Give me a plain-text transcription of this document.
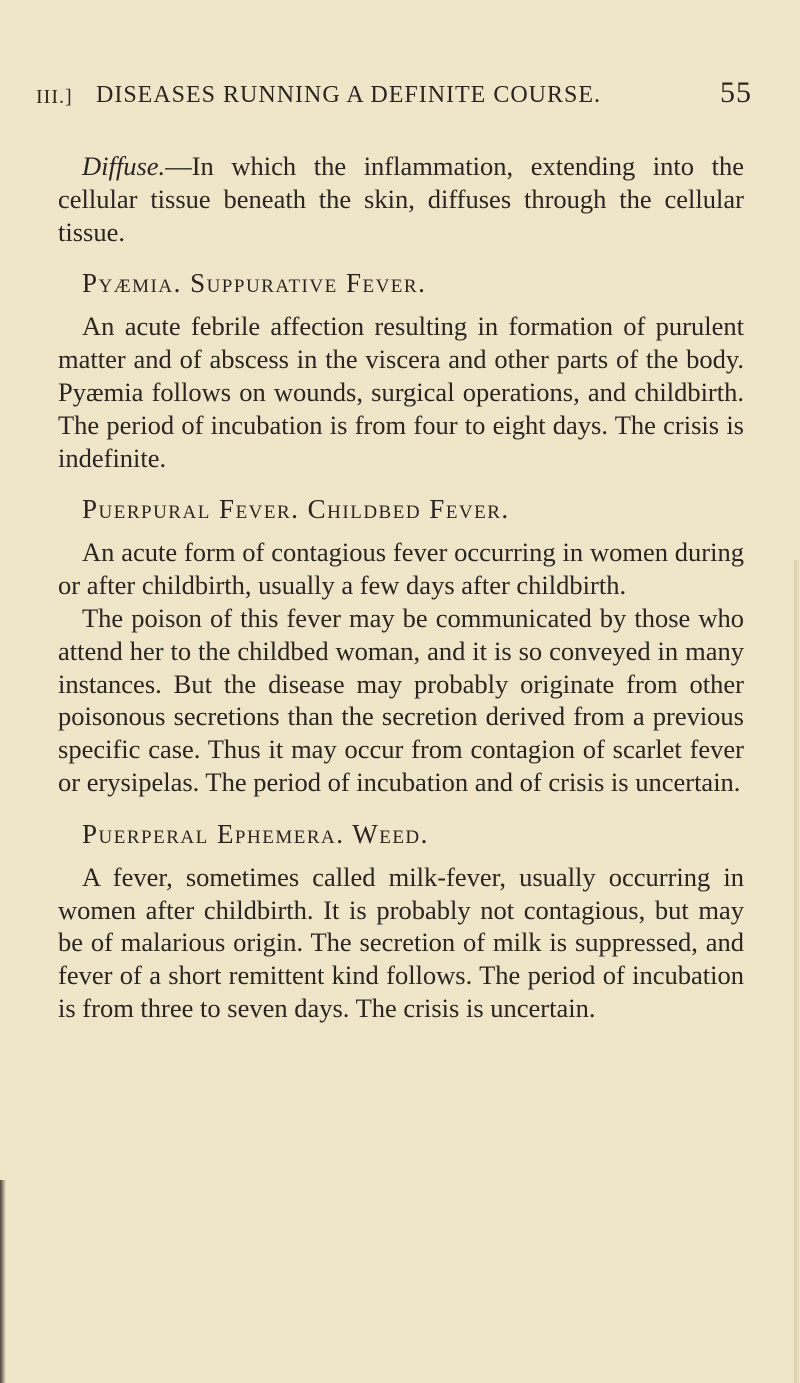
III.] DISEASES RUNNING A DEFINITE COURSE.	55

Diffuse.—In which the inflammation, extending into the cellular tissue beneath the skin, diffuses through the cellular tissue.

Pyæmia. Suppurative Fever.

An acute febrile affection resulting in formation of purulent matter and of abscess in the viscera and other parts of the body. Pyæmia follows on wounds, surgical operations, and childbirth. The period of incubation is from four to eight days. The crisis is indefinite.

Puerpural Fever. Childbed Fever.

An acute form of contagious fever occurring in women during or after childbirth, usually a few days after childbirth.

The poison of this fever may be communicated by those who attend her to the childbed woman, and it is so conveyed in many instances. But the disease may probably originate from other poisonous secretions than the secretion derived from a previous specific case. Thus it may occur from contagion of scarlet fever or erysipelas. The period of incubation and of crisis is uncertain.

Puerperal Ephemera. Weed.

A fever, sometimes called milk-fever, usually occurring in women after childbirth. It is probably not contagious, but may be of malarious origin. The secretion of milk is suppressed, and fever of a short remittent kind follows. The period of incubation is from three to seven days. The crisis is uncertain.
